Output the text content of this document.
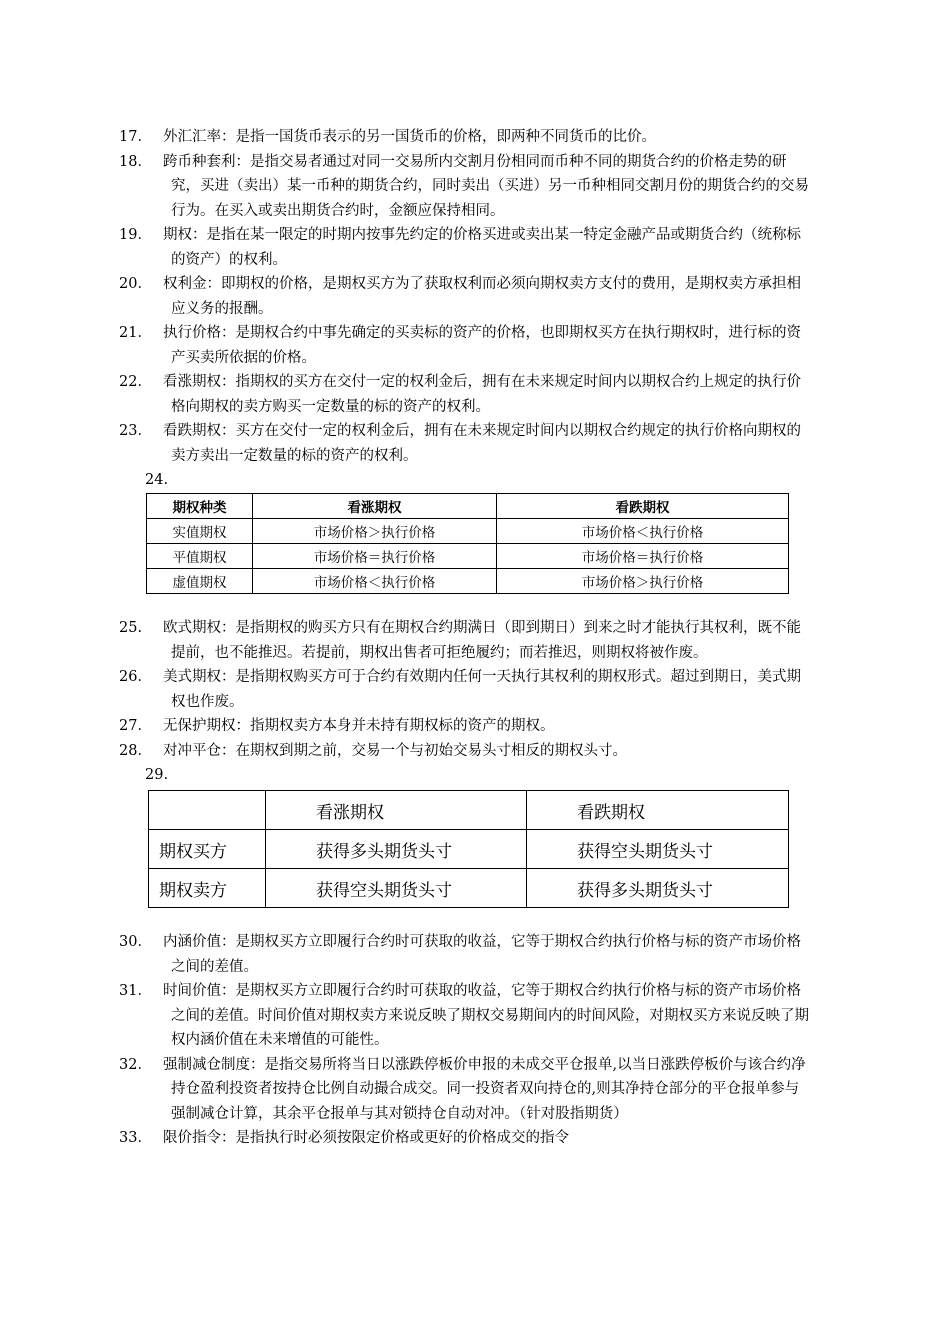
17． 外汇汇率：是指一国货币表示的另一国货币的价格，即两种不同货币的比价。
18． 跨币种套利：是指交易者通过对同一交易所内交割月份相同而币种不同的期货合约的价格走势的研究，买进（卖出）某一币种的期货合约，同时卖出（买进）另一币种相同交割月份的期货合约的交易行为。在买入或卖出期货合约时，金额应保持相同。
19． 期权：是指在某一限定的时期内按事先约定的价格买进或卖出某一特定金融产品或期货合约（统称标的资产）的权利。
20． 权利金：即期权的价格，是期权买方为了获取权利而必须向期权卖方支付的费用，是期权卖方承担相应义务的报酬。
21． 执行价格：是期权合约中事先确定的买卖标的资产的价格，也即期权买方在执行期权时，进行标的资产买卖所依据的价格。
22． 看涨期权：指期权的买方在交付一定的权利金后，拥有在未来规定时间内以期权合约上规定的执行价格向期权的卖方购买一定数量的标的资产的权利。
23． 看跌期权：买方在交付一定的权利金后，拥有在未来规定时间内以期权合约规定的执行价格向期权的卖方卖出一定数量的标的资产的权利。
24.
期权种类	看涨期权	看跌期权
实值期权	市场价格＞执行价格	市场价格＜执行价格
平值期权	市场价格＝执行价格	市场价格＝执行价格
虚值期权	市场价格＜执行价格	市场价格＞执行价格
25. 欧式期权：是指期权的购买方只有在期权合约期满日（即到期日）到来之时才能执行其权利，既不能提前，也不能推迟。若提前，期权出售者可拒绝履约；而若推迟，则期权将被作废。
26． 美式期权：是指期权购买方可于合约有效期内任何一天执行其权利的期权形式。超过到期日，美式期权也作废。
27． 无保护期权：指期权卖方本身并未持有期权标的资产的期权。
28． 对冲平仓：在期权到期之前，交易一个与初始交易头寸相反的期权头寸。
29.
	看涨期权	看跌期权
期权买方	获得多头期货头寸	获得空头期货头寸
期权卖方	获得空头期货头寸	获得多头期货头寸
30． 内涵价值：是期权买方立即履行合约时可获取的收益，它等于期权合约执行价格与标的资产市场价格之间的差值。
31． 时间价值：是期权买方立即履行合约时可获取的收益，它等于期权合约执行价格与标的资产市场价格之间的差值。时间价值对期权卖方来说反映了期权交易期间内的时间风险，对期权买方来说反映了期权内涵价值在未来增值的可能性。
32． 强制减仓制度：是指交易所将当日以涨跌停板价申报的未成交平仓报单,以当日涨跌停板价与该合约净持仓盈利投资者按持仓比例自动撮合成交。同一投资者双向持仓的,则其净持仓部分的平仓报单参与强制减仓计算，其余平仓报单与其对锁持仓自动对冲。（针对股指期货）
33． 限价指令：是指执行时必须按限定价格或更好的价格成交的指令
